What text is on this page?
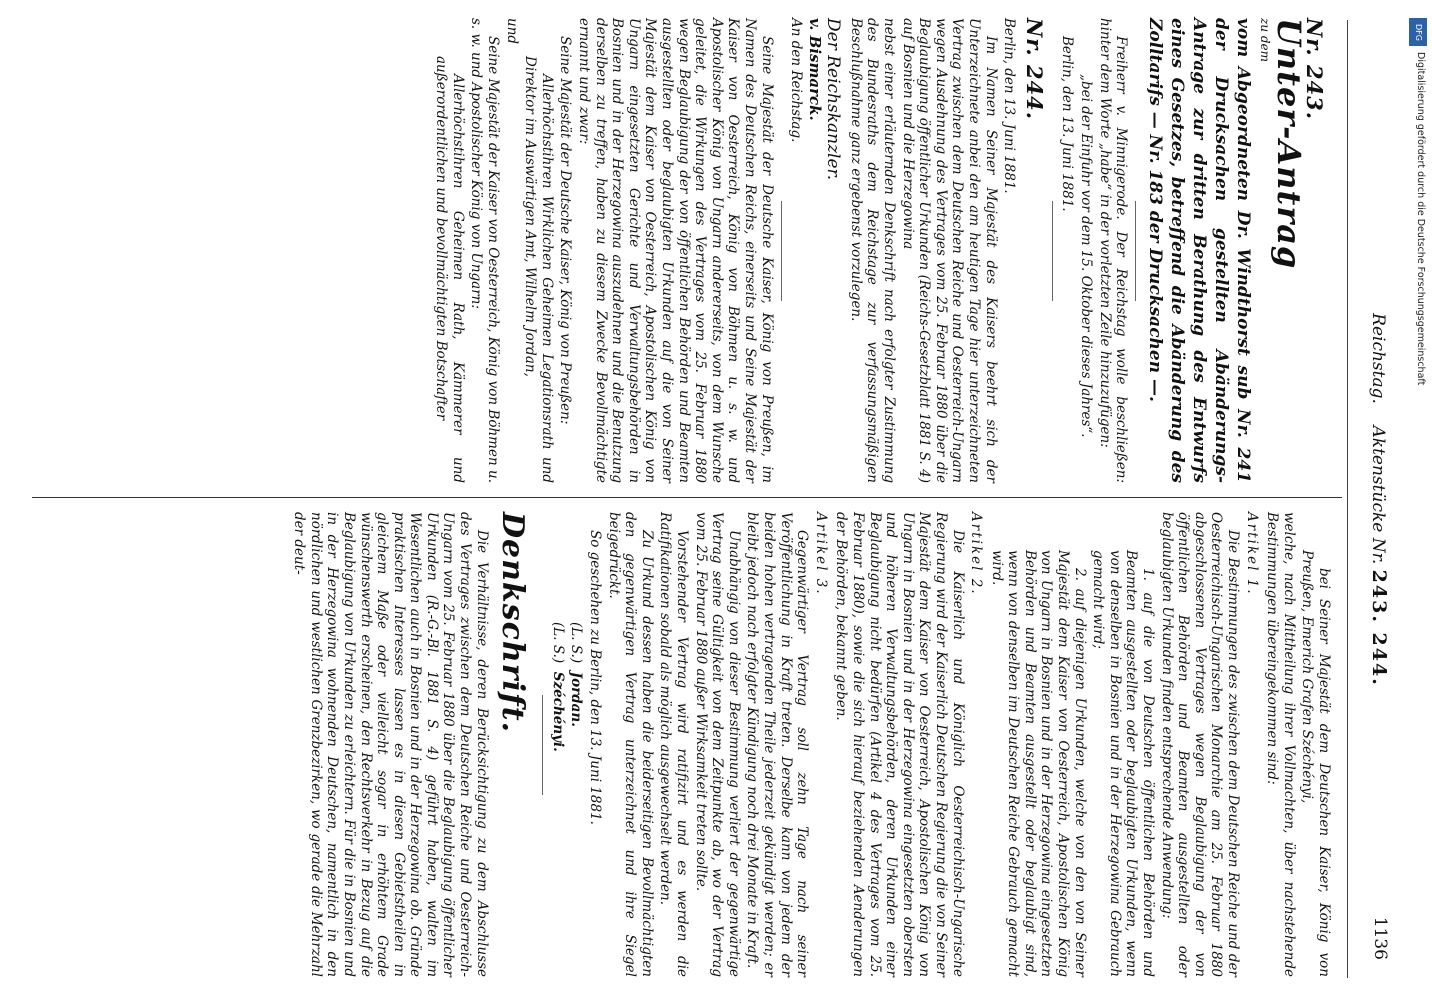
1136
Reichstag.    Aktenstücke Nr. 243. 244.

Nr. 243.

Unter-Antrag

zu dem

vom Abgeordneten Dr. Windthorst sub Nr. 241 der Drucksachen gestellten Abänderungs-Antrage zur dritten Berathung des Entwurfs eines Gesetzes, betreffend die Abänderung des Zolltarifs — Nr. 183 der Drucksachen —.

Freiherr v. Minnigerode. Der Reichstag wolle beschließen: hinter dem Worte „habe“ in der vorletzten Zeile hinzuzufügen:

„bei der Einfuhr vor dem 15. Oktober dieses Jahres“.

Berlin, den 13. Juni 1881.

Nr. 244.

Berlin, den 13. Juni 1881.

Im Namen Seiner Majestät des Kaisers beehrt sich der Unterzeichnete anbei den am heutigen Tage hier unterzeichneten Vertrag zwischen dem Deutschen Reiche und Oesterreich-Ungarn wegen Ausdehnung des Vertrages vom 25. Februar 1880 über die Beglaubigung öffentlicher Urkunden (Reichs-Gesetzblatt 1881 S. 4) auf Bosnien und die Herzegowina

nebst einer erläuternden Denkschrift nach erfolgter Zustimmung des Bundesraths dem Reichstage zur verfassungsmäßigen Beschlußnahme ganz ergebenst vorzulegen.

Der Reichskanzler.

v. Bismarck.

An den Reichstag.

Seine Majestät der Deutsche Kaiser, König von Preußen, im Namen des Deutschen Reichs, einerseits und Seine Majestät der Kaiser von Oesterreich, König von Böhmen u. s. w. und Apostolischer König von Ungarn andererseits, von dem Wunsche geleitet, die Wirkungen des Vertrages vom 25. Februar 1880 wegen Beglaubigung der von öffentlichen Behörden und Beamten ausgestellten oder beglaubigten Urkunden auf die von Seiner Majestät dem Kaiser von Oesterreich, Apostolischen König von Ungarn eingesetzten Gerichte und Verwaltungsbehörden in Bosnien und in der Herzegowina auszudehnen und die Benutzung derselben zu treffen, haben zu diesem Zwecke Bevollmächtigte ernannt und zwar:

Seine Majestät der Deutsche Kaiser, König von Preußen:

Allerhöchstihren Wirklichen Geheimen Legationsrath und Direktor im Auswärtigen Amt, Wilhelm Jordan,

und

Seine Majestät der Kaiser von Oesterreich, König von Böhmen u. s. w. und Apostolischer König von Ungarn:

Allerhöchstihren Geheimen Rath, Kämmerer und außerordentlichen und bevollmächtigten Botschafter

bei Seiner Majestät dem Deutschen Kaiser, König von Preußen, Emerich Grafen Széchényi,

welche, nach Mittheilung ihrer Vollmachten, über nachstehende Bestimmungen übereingekommen sind:

Artikel 1.

Die Bestimmungen des zwischen dem Deutschen Reiche und der Oesterreichisch-Ungarischen Monarchie am 25. Februar 1880 abgeschlossenen Vertrages wegen Beglaubigung der von öffentlichen Behörden und Beamten ausgestellten oder beglaubigten Urkunden finden entsprechende Anwendung:

1. auf die von Deutschen öffentlichen Behörden und Beamten ausgestellten oder beglaubigten Urkunden, wenn von denselben in Bosnien und in der Herzegowina Gebrauch gemacht wird;

2. auf diejenigen Urkunden, welche von den von Seiner Majestät dem Kaiser von Oesterreich, Apostolischen König von Ungarn in Bosnien und in der Herzegowina eingesetzten Behörden und Beamten ausgestellt oder beglaubigt sind, wenn von denselben im Deutschen Reiche Gebrauch gemacht wird.

Artikel 2.

Die Kaiserlich und Königlich Oesterreichisch-Ungarische Regierung wird der Kaiserlich Deutschen Regierung die von Seiner Majestät dem Kaiser von Oesterreich, Apostolischen König von Ungarn in Bosnien und in der Herzegowina eingesetzten obersten und höheren Verwaltungsbehörden, deren Urkunden einer Beglaubigung nicht bedürfen (Artikel 4 des Vertrages vom 25. Februar 1880), sowie die sich hierauf beziehenden Aenderungen der Behörden, bekannt geben.

Artikel 3.

Gegenwärtiger Vertrag soll zehn Tage nach seiner Veröffentlichung in Kraft treten. Derselbe kann von jedem der beiden hohen vertragenden Theile jederzeit gekündigt werden; er bleibt jedoch nach erfolgter Kündigung noch drei Monate in Kraft.

Unabhängig von dieser Bestimmung verliert der gegenwärtige Vertrag seine Gültigkeit von dem Zeitpunkte ab, wo der Vertrag vom 25. Februar 1880 außer Wirksamkeit treten sollte.

Vorstehender Vertrag wird ratifizirt und es werden die Ratifikationen sobald als möglich ausgewechselt werden.

Zu Urkund dessen haben die beiderseitigen Bevollmächtigten den gegenwärtigen Vertrag unterzeichnet und ihre Siegel beigedrückt.

So geschehen zu Berlin, den 13. Juni 1881.

(L. S.)  Jordan.

(L. S.)  Széchényi.

Denkschrift.

Die Verhältnisse, deren Berücksichtigung zu dem Abschlusse des Vertrages zwischen dem Deutschen Reiche und Oesterreich-Ungarn vom 25. Februar 1880 über die Beglaubigung öffentlicher Urkunden (R.-G.-Bl. 1881 S. 4) geführt haben, walten im Wesentlichen auch in Bosnien und in der Herzegowina ob. Gründe praktischen Interesses lassen es in diesen Gebietstheilen in gleichem Maße oder vielleicht sogar in erhöhtem Grade wünschenswerth erscheinen, den Rechtsverkehr in Bezug auf die Beglaubigung von Urkunden zu erleichtern. Für die in Bosnien und in der Herzegowina wohnenden Deutschen, namentlich in den nördlichen und westlichen Grenzbezirken, wo gerade die Mehrzahl der deut-

DFG
Digitalisierung gefördert durch die Deutsche Forschungsgemeinschaft
